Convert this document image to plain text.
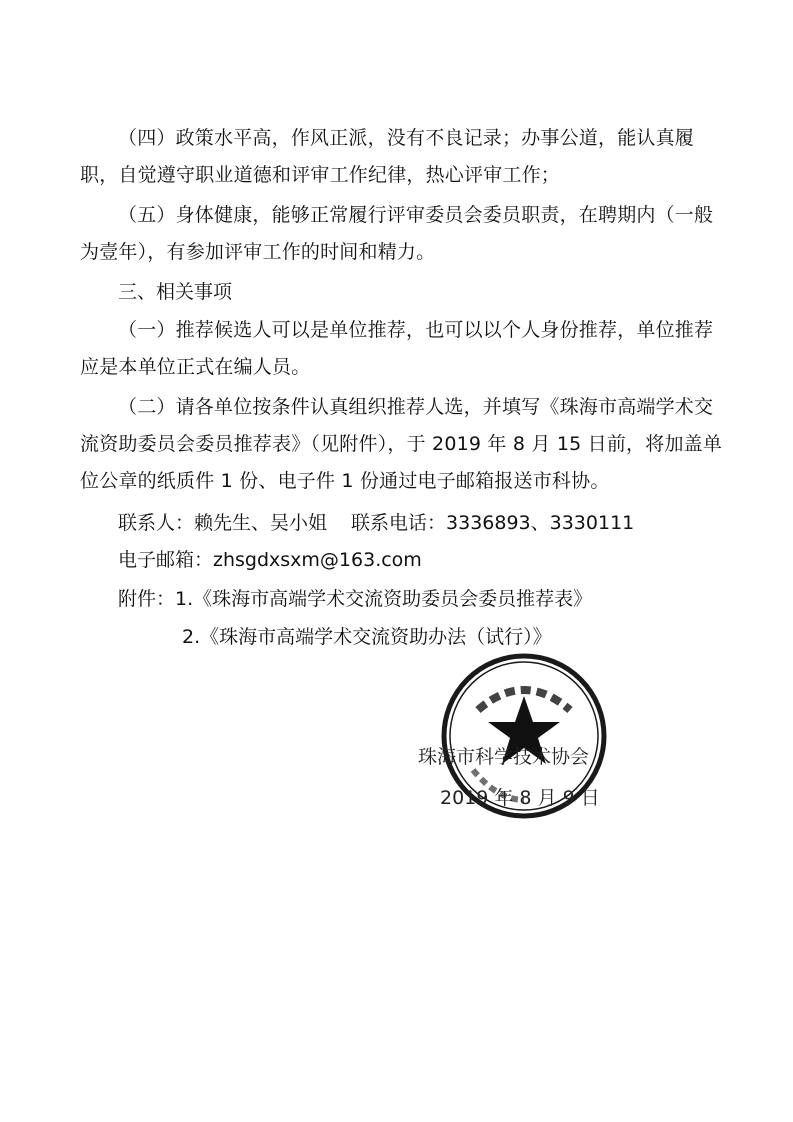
（四）政策水平高，作风正派，没有不良记录；办事公道，能认真履职，自觉遵守职业道德和评审工作纪律，热心评审工作；

（五）身体健康，能够正常履行评审委员会委员职责，在聘期内（一般为壹年），有参加评审工作的时间和精力。

三、相关事项

（一）推荐候选人可以是单位推荐，也可以以个人身份推荐，单位推荐应是本单位正式在编人员。

（二）请各单位按条件认真组织推荐人选，并填写《珠海市高端学术交流资助委员会委员推荐表》（见附件），于 2019 年 8 月 15 日前，将加盖单位公章的纸质件 1 份、电子件 1 份通过电子邮箱报送市科协。

联系人：赖先生、吴小姐 联系电话：3336893、3330111

电子邮箱：zhsgdxsxm@163.com

附件：1.《珠海市高端学术交流资助委员会委员推荐表》

2.《珠海市高端学术交流资助办法（试行）》

珠海市科学技术协会
2019 年 8 月 9 日
